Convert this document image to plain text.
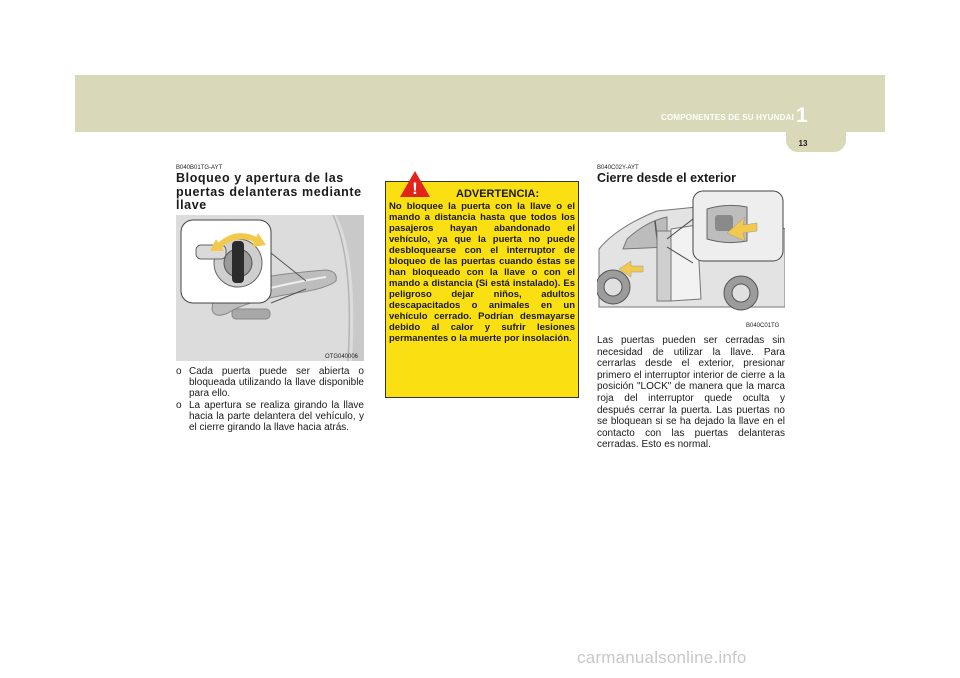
COMPONENTES DE SU HYUNDAI 1
13
B040B01TG-AYT
Bloqueo y apertura de las puertas delanteras mediante llave
OTG040006
o Cada puerta puede ser abierta o bloqueada utilizando la llave disponible para ello.
o La apertura se realiza girando la llave hacia la parte delantera del vehículo, y el cierre girando la llave hacia atrás.
!	ADVERTENCIA:
No bloquee la puerta con la llave o el mando a distancia hasta que todos los pasajeros hayan abandonado el vehículo, ya que la puerta no puede desbloquearse con el interruptor de bloqueo de las puertas cuando éstas se han bloqueado con la llave o con el mando a distancia (Si está instalado). Es peligroso dejar niños, adultos descapacitados o animales en un vehículo cerrado. Podrían desmayarse debido al calor y sufrir lesiones permanentes o la muerte por insolación.
B040C02Y-AYT
Cierre desde el exterior
B040C01TG
Las puertas pueden ser cerradas sin necesidad de utilizar la llave. Para cerrarlas desde el exterior, presionar primero el interruptor interior de cierre a la posición "LOCK" de manera que la marca roja del interruptor quede oculta y después cerrar la puerta. Las puertas no se bloquean si se ha dejado la llave en el contacto con las puertas delanteras cerradas. Esto es normal.
carmanualsonline.info
